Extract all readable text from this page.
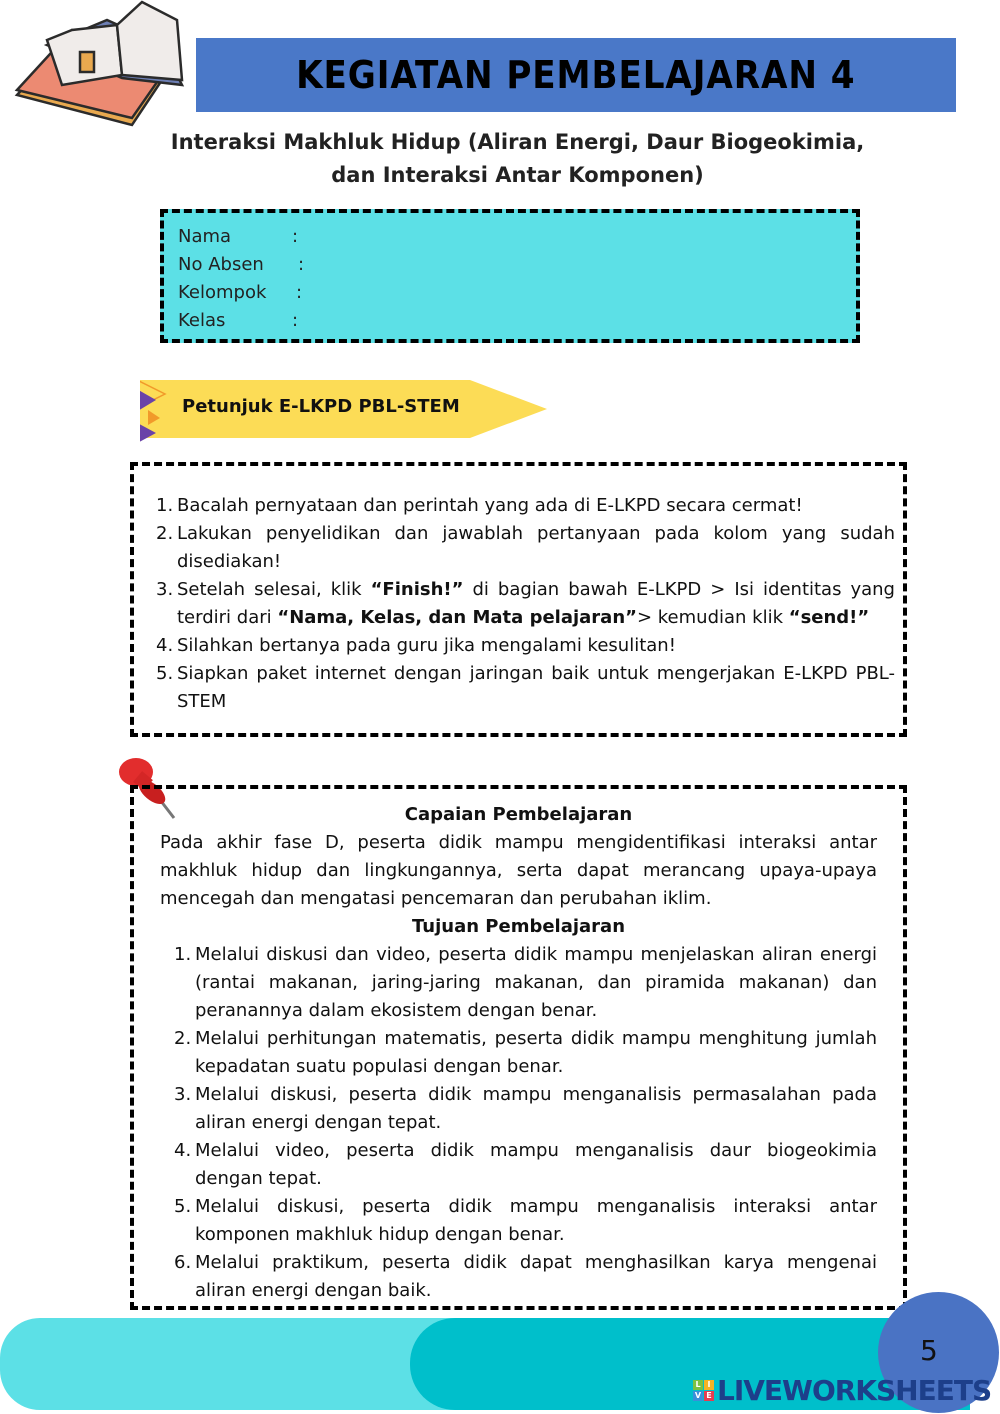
KEGIATAN PEMBELAJARAN 4
Interaksi Makhluk Hidup (Aliran Energi, Daur Biogeokimia,
dan Interaksi Antar Komponen)
Nama	:
No Absen :
Kelompok :
Kelas	:
Petunjuk E-LKPD PBL-STEM
1. Bacalah pernyataan dan perintah yang ada di E-LKPD secara cermat!
2. Lakukan penyelidikan dan jawablah pertanyaan pada kolom yang sudah disediakan!
3. Setelah selesai, klik “Finish!” di bagian bawah E-LKPD > Isi identitas yang terdiri dari “Nama, Kelas, dan Mata pelajaran”> kemudian klik “send!”
4. Silahkan bertanya pada guru jika mengalami kesulitan!
5. Siapkan paket internet dengan jaringan baik untuk mengerjakan E-LKPD PBL-STEM
Capaian Pembelajaran

Pada akhir fase D, peserta didik mampu mengidentifikasi interaksi antar makhluk hidup dan lingkungannya, serta dapat merancang upaya-upaya mencegah dan mengatasi pencemaran dan perubahan iklim.

Tujuan Pembelajaran
1. Melalui diskusi dan video, peserta didik mampu menjelaskan aliran energi (rantai makanan, jaring-jaring makanan, dan piramida makanan) dan peranannya dalam ekosistem dengan benar.
2. Melalui perhitungan matematis, peserta didik mampu menghitung jumlah kepadatan suatu populasi dengan benar.
3. Melalui diskusi, peserta didik mampu menganalisis permasalahan pada aliran energi dengan tepat.
4. Melalui video, peserta didik mampu menganalisis daur biogeokimia dengan tepat.
5. Melalui diskusi, peserta didik mampu menganalisis interaksi antar komponen makhluk hidup dengan benar.
6. Melalui praktikum, peserta didik dapat menghasilkan karya mengenai aliran energi dengan baik.
5
L I
V E LIVEWORKSHEETS
